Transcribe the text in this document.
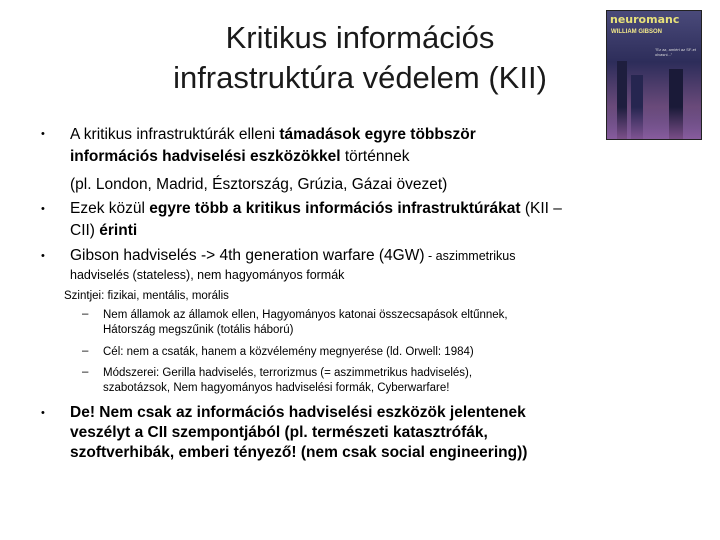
Kritikus információs
infrastruktúra védelem (KII)
neuromanc
WILLIAM GIBSON
"Ez az, amiért az SF-et olvasni..."
• A kritikus infrastruktúrák elleni támadások egyre többször
információs hadviselési eszközökkel történnek
(pl. London, Madrid, Észtország, Grúzia, Gázai övezet)
• Ezek közül egyre több a kritikus információs infrastruktúrákat (KII –
CII) érinti
• Gibson hadviselés -> 4th generation warfare (4GW) - aszimmetrikus
hadviselés (stateless), nem hagyományos formák
Szintjei: fizikai, mentális, morális
– Nem államok az államok ellen, Hagyományos katonai összecsapások eltűnnek,
Hátország megszűnik (totális háború)
– Cél: nem a csaták, hanem a közvélemény megnyerése (ld. Orwell: 1984)
– Módszerei: Gerilla hadviselés, terrorizmus (= aszimmetrikus hadviselés),
szabotázsok, Nem hagyományos hadviselési formák, Cyberwarfare!
• De! Nem csak az információs hadviselési eszközök jelentenek
veszélyt a CII szempontjából (pl. természeti katasztrófák,
szoftverhibák, emberi tényező! (nem csak social engineering))
